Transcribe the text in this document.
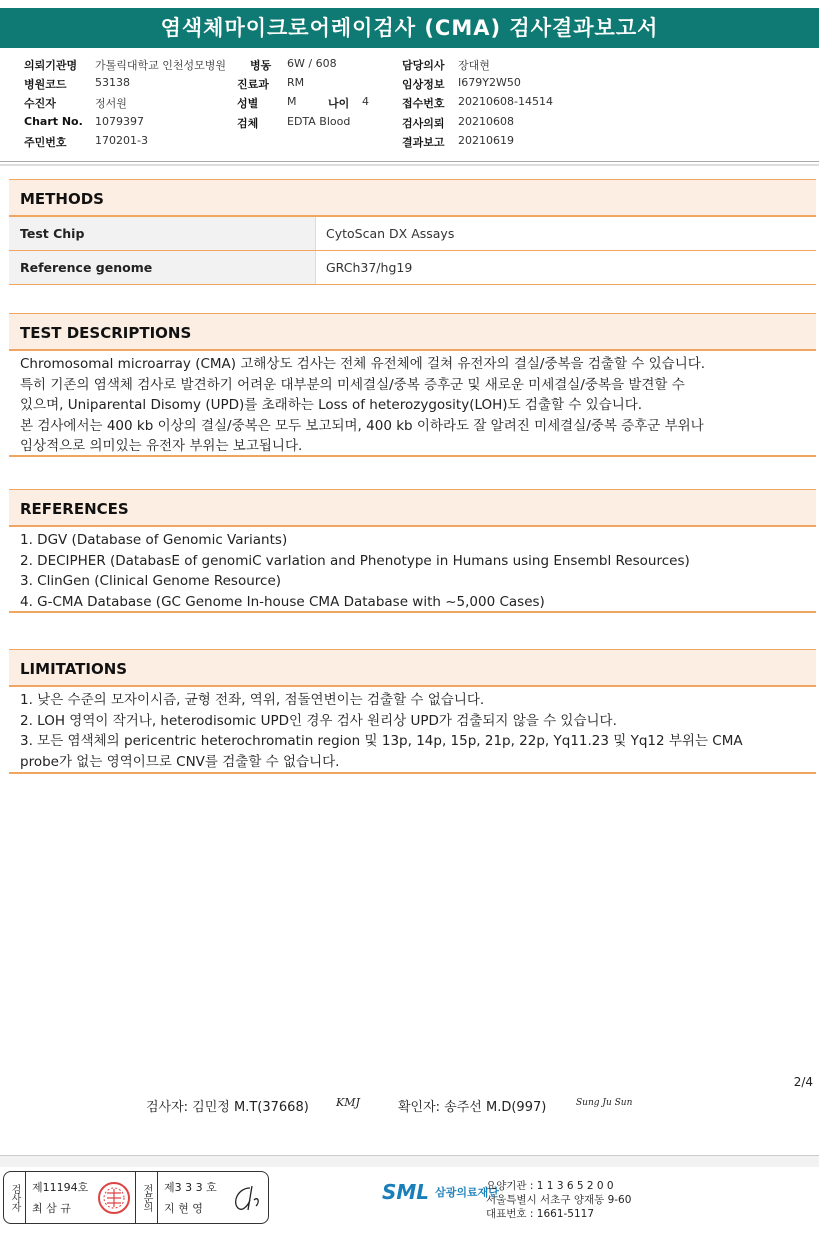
염색체마이크로어레이검사 (CMA) 검사결과보고서
의뢰기관명 가톨릭대학교 인천성모병원
병원코드	53138
수진자	정서원
Chart No. 1079397
주민번호	170201-3
병동 6W / 608
진료과 RM
성별	M	나이 4
검체	EDTA Blood
담당의사 장대현
임상정보 I679Y2W50
접수번호 20210608-14514
검사의뢰 20210608
결과보고 20210619
METHODS
Test Chip	CytoScan DX Assays
Reference genome	GRCh37/hg19
TEST DESCRIPTIONS

Chromosomal microarray (CMA) 고해상도 검사는 전체 유전체에 걸쳐 유전자의 결실/중복을 검출할 수 있습니다.

특히 기존의 염색체 검사로 발견하기 어려운 대부분의 미세결실/중복 증후군 및 새로운 미세결실/중복을 발견할 수

있으며, Uniparental Disomy (UPD)를 초래하는 Loss of heterozygosity(LOH)도 검출할 수 있습니다.

본 검사에서는 400 kb 이상의 결실/중복은 모두 보고되며, 400 kb 이하라도 잘 알려진 미세결실/중복 증후군 부위나

임상적으로 의미있는 유전자 부위는 보고됩니다.

REFERENCES

1. DGV (Database of Genomic Variants)

2. DECIPHER (DatabasE of genomiC varIation and Phenotype in Humans using Ensembl Resources)

3. ClinGen (Clinical Genome Resource)

4. G-CMA Database (GC Genome In-house CMA Database with ~5,000 Cases)

LIMITATIONS

1. 낮은 수준의 모자이시즘, 균형 전좌, 역위, 점돌연변이는 검출할 수 없습니다.

2. LOH 영역이 작거나, heterodisomic UPD인 경우 검사 원리상 UPD가 검출되지 않을 수 있습니다.

3. 모든 염색체의 pericentric heterochromatin region 및 13p, 14p, 15p, 21p, 22p, Yq11.23 및 Yq12 부위는 CMA

probe가 없는 영역이므로 CNV를 검출할 수 없습니다.

2/4
검사자: 김민정 M.T(37668) KMJ	확인자: 송주선 M.D(997)	Sung Ju Sun
검사자	제11194호
최 삼 규	전문의	제3 3 3 호
지 현 영
SML 삼광의료재단
요양기관 : 1 1 3 6 5 2 0 0
서울특별시 서초구 양재동 9-60
대표번호 : 1661-5117
